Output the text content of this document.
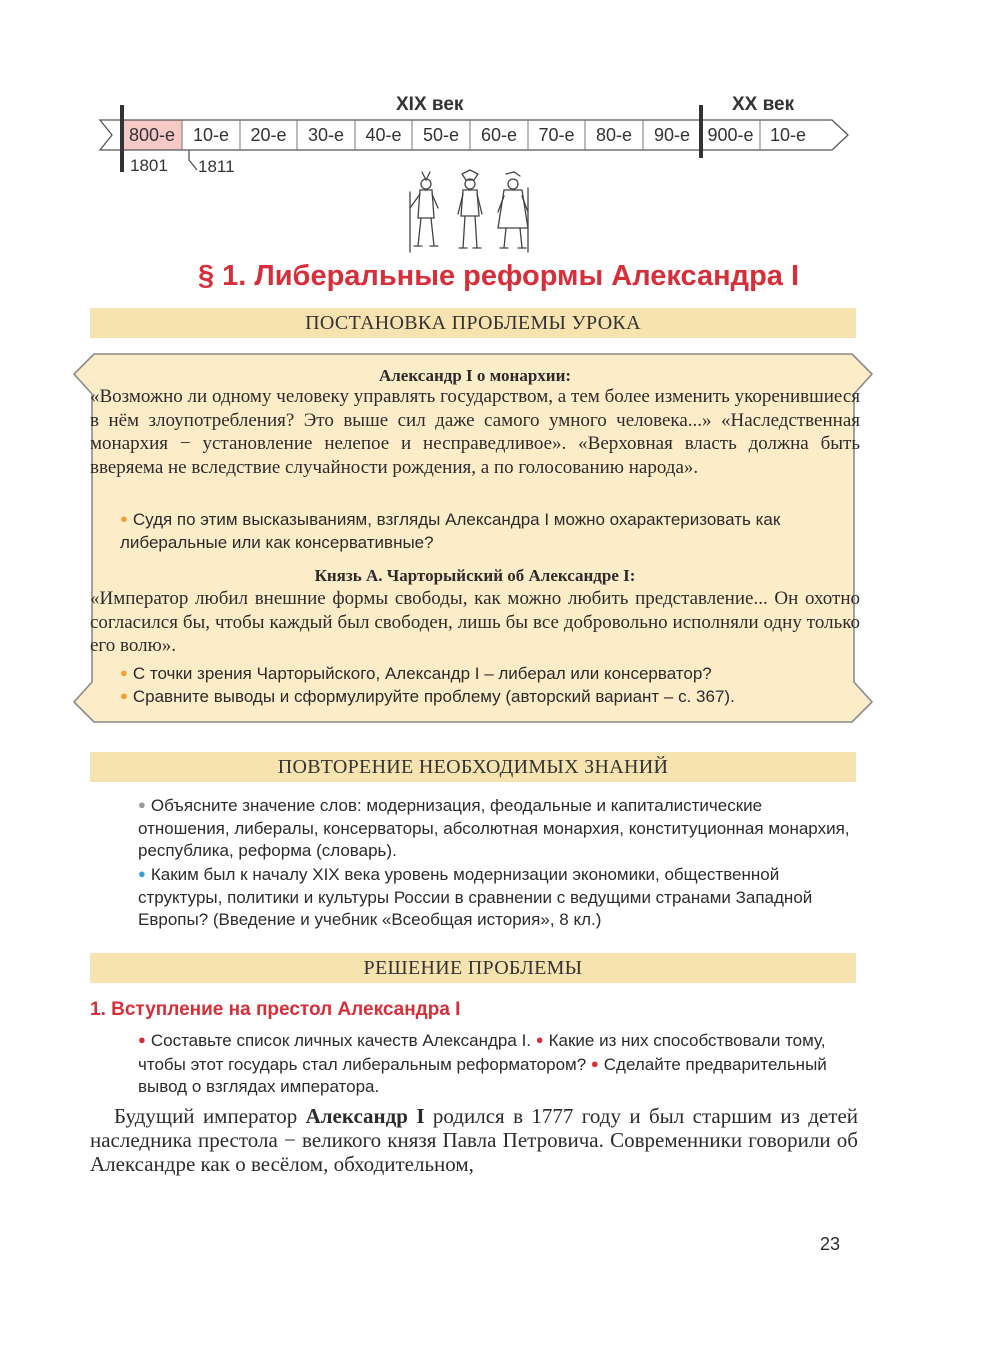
XIX век	XX век
800-е 10-е	20-е	30-е	40-е	50-е	60-е	70-е	80-е	90-е 900-е 10-е
1801 1811
§ 1. Либеральные реформы Александра I
ПОСТАНОВКА ПРОБЛЕМЫ УРОКА
Александр I о монархии:
«Возможно ли одному человеку управлять государством, а тем более изменить укоренившиеся в нём злоупотребления? Это выше сил даже самого умного человека...» «Наследственная монархия − установление нелепое и несправедливое». «Верховная власть должна быть вверяема не вследствие случайности рождения, а по голосованию народа».
● Судя по этим высказываниям, взгляды Александра I можно охарактеризовать как либеральные или как консервативные?
Князь А. Чарторыйский об Александре I:
«Император любил внешние формы свободы, как можно любить представление... Он охотно согласился бы, чтобы каждый был свободен, лишь бы все добровольно исполняли одну только его волю».
● С точки зрения Чарторыйского, Александр I – либерал или консерватор?
● Сравните выводы и сформулируйте проблему (авторский вариант – с. 367).
ПОВТОРЕНИЕ НЕОБХОДИМЫХ ЗНАНИЙ
● Объясните значение слов: модернизация, феодальные и капиталистические отношения, либералы, консерваторы, абсолютная монархия, конституционная монархия, республика, реформа (словарь).
● Каким был к началу XIX века уровень модернизации экономики, общественной структуры, политики и культуры России в сравнении с ведущими странами Западной Европы? (Введение и учебник «Всеобщая история», 8 кл.)
РЕШЕНИЕ ПРОБЛЕМЫ
1. Вступление на престол Александра I
● Составьте список личных качеств Александра I. ● Какие из них способствовали тому, чтобы этот государь стал либеральным реформатором? ● Сделайте предварительный вывод о взглядах императора.
Будущий император Александр I родился в 1777 году и был старшим из детей наследника престола − великого князя Павла Петровича. Современники говорили об Александре как о весёлом, обходительном,
23
